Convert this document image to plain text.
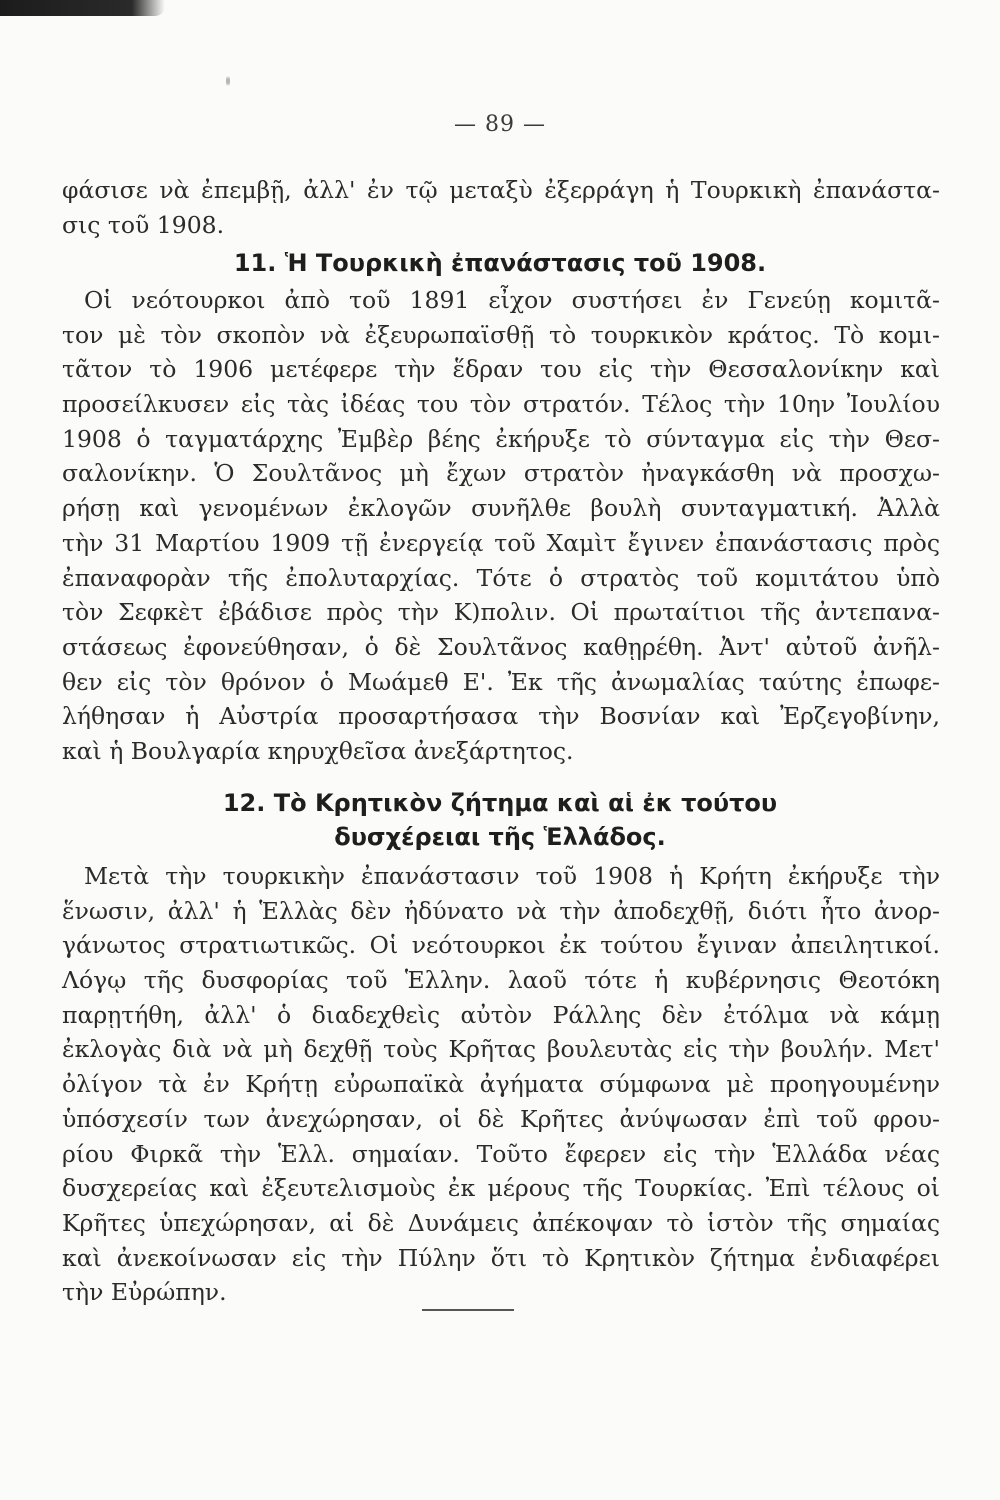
— 89 —
φάσισε νὰ ἐπεμβῇ, ἀλλ' ἐν τῷ μεταξὺ ἐξερράγη ἡ Τουρκικὴ ἐπανάστα-
σις τοῦ 1908.
11. Ἡ Τουρκικὴ ἐπανάστασις τοῦ 1908.
Οἱ νεότουρκοι ἀπὸ τοῦ 1891 εἶχον συστήσει ἐν Γενεύῃ κομιτᾶ-
τον μὲ τὸν σκοπὸν νὰ ἐξευρωπαϊσθῇ τὸ τουρκικὸν κράτος. Τὸ κομι-
τᾶτον τὸ 1906 μετέφερε τὴν ἕδραν του εἰς τὴν Θεσσαλονίκην καὶ
προσείλκυσεν εἰς τὰς ἰδέας του τὸν στρατόν. Τέλος τὴν 10ην Ἰουλίου
1908 ὁ ταγματάρχης Ἐμβὲρ βέης ἐκήρυξε τὸ σύνταγμα εἰς τὴν Θεσ-
σαλονίκην. Ὁ Σουλτᾶνος μὴ ἔχων στρατὸν ἠναγκάσθη νὰ προσχω-
ρήσῃ καὶ γενομένων ἐκλογῶν συνῆλθε βουλὴ συνταγματική. Ἀλλὰ
τὴν 31 Μαρτίου 1909 τῇ ἐνεργείᾳ τοῦ Χαμὶτ ἔγινεν ἐπανάστασις πρὸς
ἐπαναφορὰν τῆς ἐπολυταρχίας. Τότε ὁ στρατὸς τοῦ κομιτάτου ὑπὸ
τὸν Σεφκὲτ ἐβάδισε πρὸς τὴν Κ)πολιν. Οἱ πρωταίτιοι τῆς ἀντεπανα-
στάσεως ἐφονεύθησαν, ὁ δὲ Σουλτᾶνος καθῃρέθη. Ἀντ' αὐτοῦ ἀνῆλ-
θεν εἰς τὸν θρόνον ὁ Μωάμεθ Ε'. Ἐκ τῆς ἀνωμαλίας ταύτης ἐπωφε-
λήθησαν ἡ Αὐστρία προσαρτήσασα τὴν Βοσνίαν καὶ Ἐρζεγοβίνην,
καὶ ἡ Βουλγαρία κηρυχθεῖσα ἀνεξάρτητος.
12. Τὸ Κρητικὸν ζήτημα καὶ αἱ ἐκ τούτου
δυσχέρειαι τῆς Ἑλλάδος.
Μετὰ τὴν τουρκικὴν ἐπανάστασιν τοῦ 1908 ἡ Κρήτη ἐκήρυξε τὴν
ἕνωσιν, ἀλλ' ἡ Ἑλλὰς δὲν ἠδύνατο νὰ τὴν ἀποδεχθῇ, διότι ἦτο ἀνορ-
γάνωτος στρατιωτικῶς. Οἱ νεότουρκοι ἐκ τούτου ἔγιναν ἀπειλητικοί.
Λόγῳ τῆς δυσφορίας τοῦ Ἑλλην. λαοῦ τότε ἡ κυβέρνησις Θεοτόκη
παρῃτήθη, ἀλλ' ὁ διαδεχθεὶς αὐτὸν Ράλλης δὲν ἐτόλμα νὰ κάμῃ
ἐκλογὰς διὰ νὰ μὴ δεχθῇ τοὺς Κρῆτας βουλευτὰς εἰς τὴν βουλήν. Μετ'
ὀλίγον τὰ ἐν Κρήτῃ εὐρωπαϊκὰ ἀγήματα σύμφωνα μὲ προηγουμένην
ὑπόσχεσίν των ἀνεχώρησαν, οἱ δὲ Κρῆτες ἀνύψωσαν ἐπὶ τοῦ φρου-
ρίου Φιρκᾶ τὴν Ἑλλ. σημαίαν. Τοῦτο ἔφερεν εἰς τὴν Ἑλλάδα νέας
δυσχερείας καὶ ἐξευτελισμοὺς ἐκ μέρους τῆς Τουρκίας. Ἐπὶ τέλους οἱ
Κρῆτες ὑπεχώρησαν, αἱ δὲ Δυνάμεις ἀπέκοψαν τὸ ἱστὸν τῆς σημαίας
καὶ ἀνεκοίνωσαν εἰς τὴν Πύλην ὅτι τὸ Κρητικὸν ζήτημα ἐνδιαφέρει
τὴν Εὐρώπην.
